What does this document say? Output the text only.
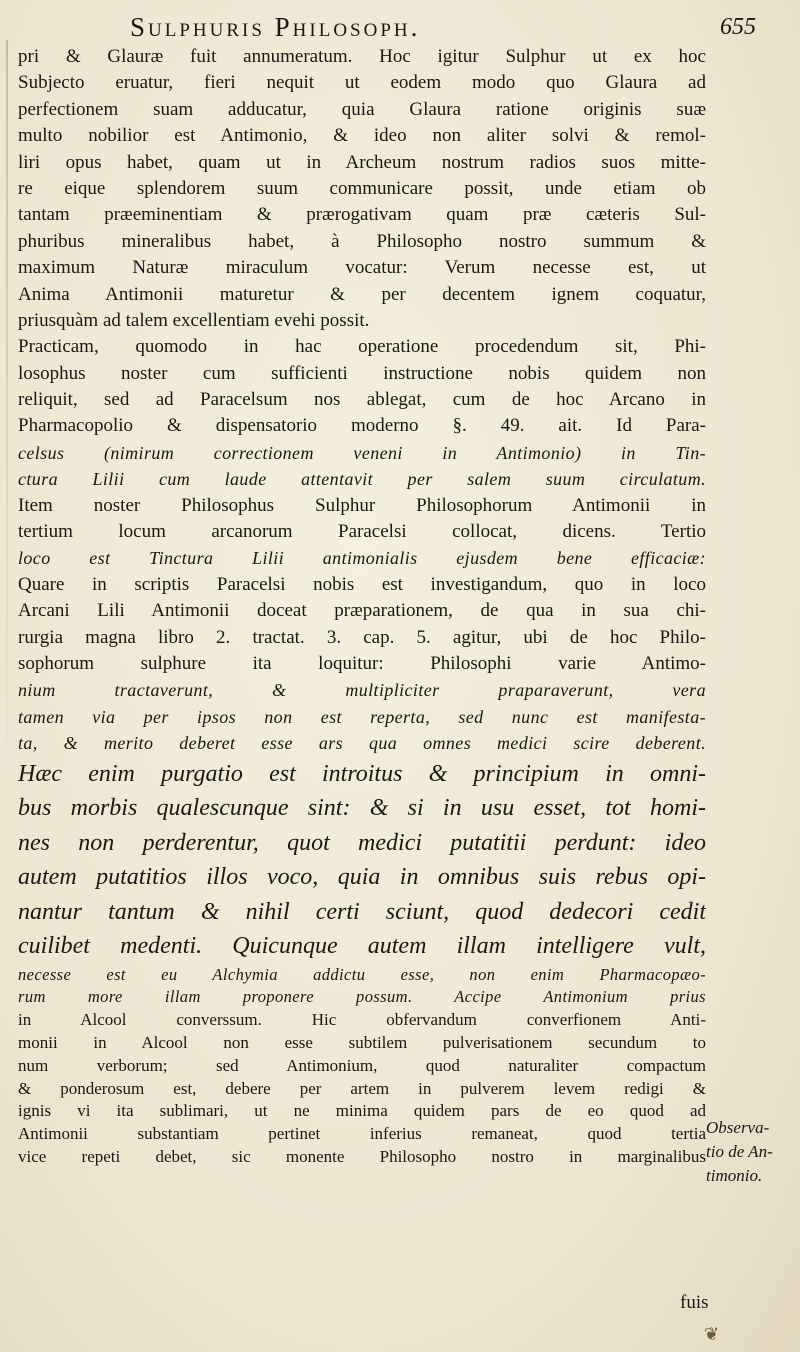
Sulphuris Philosoph.	655
pri & Glauræ fuit annumeratum. Hoc igitur Sulphur ut ex hoc
Subjecto eruatur, fieri nequit ut eodem modo quo Glaura ad
perfectionem suam adducatur, quia Glaura ratione originis suæ
multo nobilior est Antimonio, & ideo non aliter solvi & remol-
liri opus habet, quam ut in Archeum nostrum radios suos mitte-
re eique splendorem suum communicare possit, unde etiam ob
tantam præeminentiam & prærogativam quam præ cæteris Sul-
phuribus mineralibus habet, à Philosopho nostro summum &
maximum Naturæ miraculum vocatur: Verum necesse est, ut
Anima Antimonii maturetur & per decentem ignem coquatur,
priusquàm ad talem excellentiam evehi possit.
Practicam, quomodo in hac operatione procedendum sit, Phi-
losophus noster cum sufficienti instructione nobis quidem non
reliquit, sed ad Paracelsum nos ablegat, cum de hoc Arcano in
Pharmacopolio & dispensatorio moderno §. 49. ait. Id Para-
celsus (nimirum correctionem veneni in Antimonio) in Tin-
ctura Lilii cum laude attentavit per salem suum circulatum.
Item noster Philosophus Sulphur Philosophorum Antimonii in
tertium locum arcanorum Paracelsi collocat, dicens. Tertio
loco est Tinctura Lilii antimonialis ejusdem bene efficaciæ:
Quare in scriptis Paracelsi nobis est investigandum, quo in loco
Arcani Lili Antimonii doceat præparationem, de qua in sua chi-
rurgia magna libro 2. tractat. 3. cap. 5. agitur, ubi de hoc Philo-
sophorum sulphure ita loquitur: Philosophi varie Antimo-
nium tractaverunt, & multipliciter praparaverunt, vera
tamen via per ipsos non est reperta, sed nunc est manifesta-
ta, & merito deberet esse ars qua omnes medici scire deberent.
Hæc enim purgatio est introitus & principium in omni-
bus morbis qualescunque sint: & si in usu esset, tot homi-
nes non perderentur, quot medici putatitii perdunt: ideo
autem putatitios illos voco, quia in omnibus suis rebus opi-
nantur tantum & nihil certi sciunt, quod dedecori cedit
cuilibet medenti. Quicunque autem illam intelligere vult,
necesse est eu Alchymia addictu esse, non enim Pharmacopæo-
rum more illam proponere possum. Accipe Antimonium prius
in Alcool converssum. Hic obfervandum converfionem Anti-
monii in Alcool non esse subtilem pulverisationem secundum to
num verborum; sed Antimonium, quod naturaliter compactum
& ponderosum est, debere per artem in pulverem levem redigi &
ignis vi ita sublimari, ut ne minima quidem pars de eo quod ad
Antimonii substantiam pertinet inferius remaneat, quod tertia
vice repeti debet, sic monente Philosopho nostro in marginalibus
Observa-
tio de An-
timonio.
fuis
❦
